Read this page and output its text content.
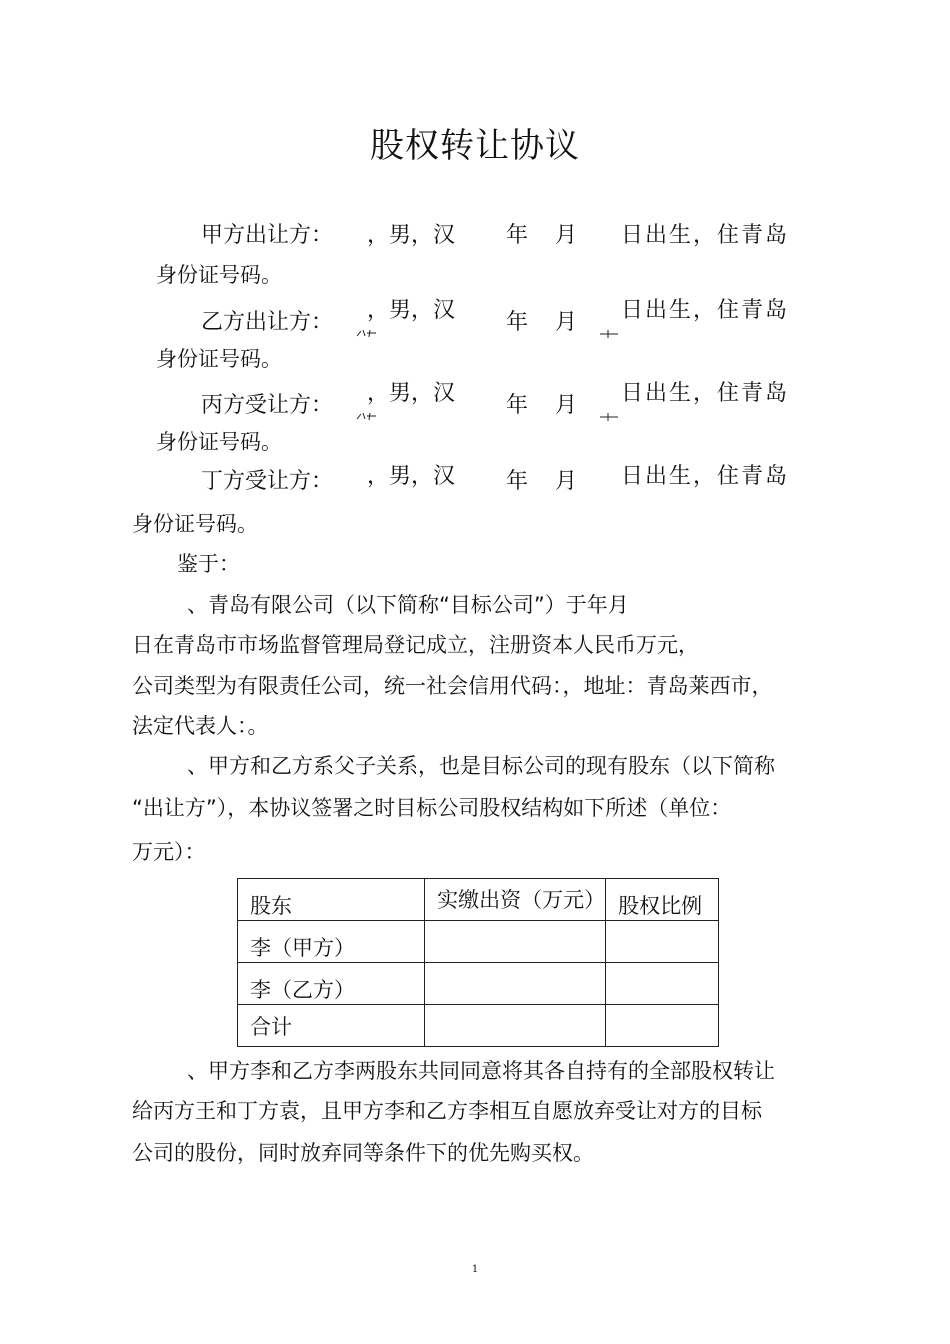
股权转让协议
甲方出让方： ，男，汉 年 月 日出生，住青岛
身份证号码。
乙方出让方： ，男，汉 年 月 日出生，住青岛
身份证号码。
丙方受让方： ，男，汉 年 月 日出生，住青岛
身份证号码。
丁方受让方： ，男，汉 年 月 日出生，住青岛
身份证号码。
鉴于：
、青岛有限公司（以下简称“目标公司”）于年月
日在青岛市市场监督管理局登记成立，注册资本人民币万元，
公司类型为有限责任公司，统一社会信用代码：，地址：青岛莱西市，
法定代表人：。
、甲方和乙方系父子关系，也是目标公司的现有股东（以下简称
“出让方”），本协议签署之时目标公司股权结构如下所述（单位：
万元）：
股东	实缴出资（万元）	股权比例
李（甲方）		
李（乙方）		
合计		
、甲方李和乙方李两股东共同同意将其各自持有的全部股权转让
给丙方王和丁方袁，且甲方李和乙方李相互自愿放弃受让对方的目标
公司的股份，同时放弃同等条件下的优先购买权。
1
